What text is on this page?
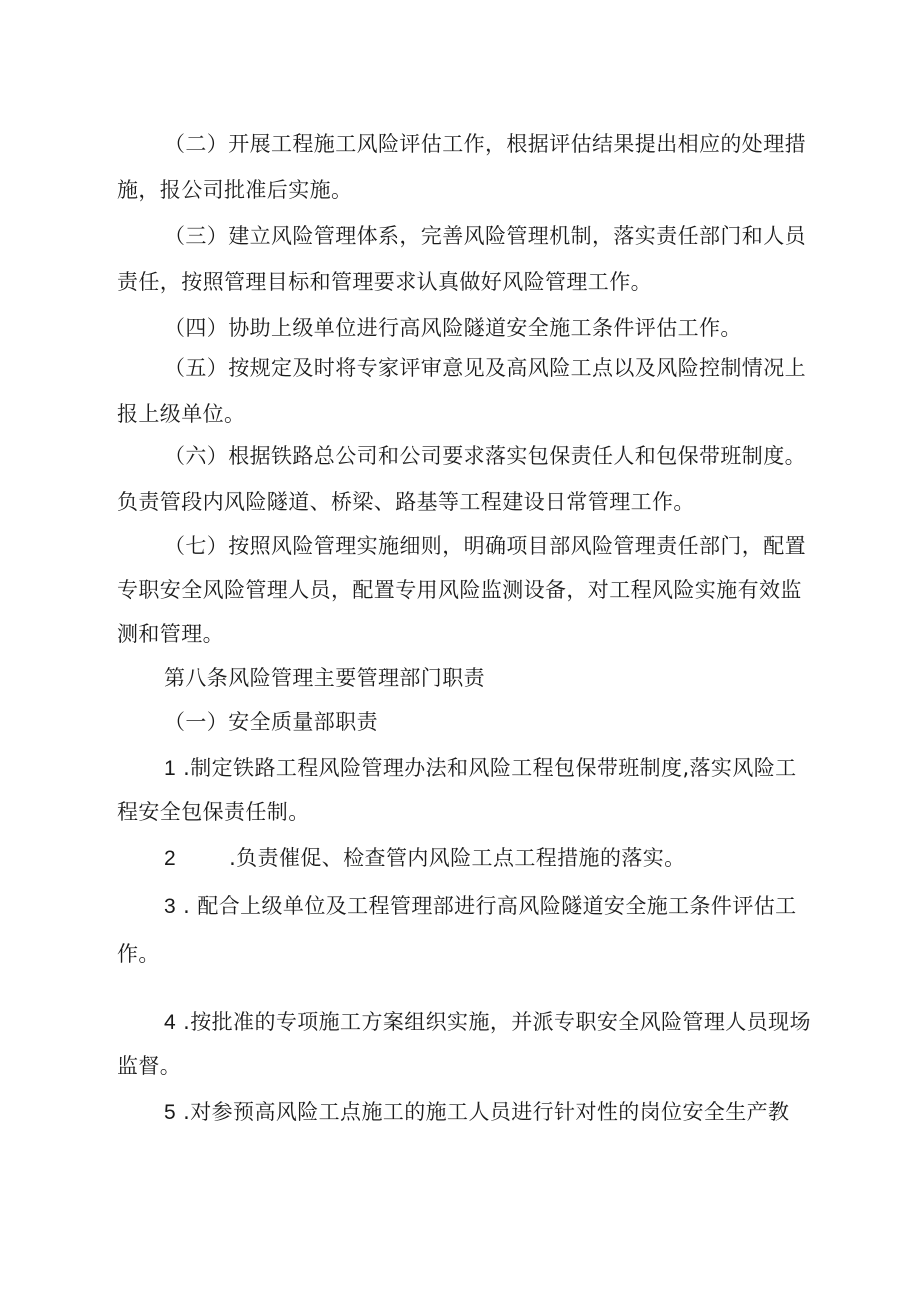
（二）开展工程施工风险评估工作，根据评估结果提出相应的处理措
施，报公司批准后实施。
（三）建立风险管理体系，完善风险管理机制，落实责任部门和人员
责任，按照管理目标和管理要求认真做好风险管理工作。
（四）协助上级单位进行高风险隧道安全施工条件评估工作。
（五）按规定及时将专家评审意见及高风险工点以及风险控制情况上
报上级单位。
（六）根据铁路总公司和公司要求落实包保责任人和包保带班制度。
负责管段内风险隧道、桥梁、路基等工程建设日常管理工作。
（七）按照风险管理实施细则，明确项目部风险管理责任部门，配置
专职安全风险管理人员，配置专用风险监测设备，对工程风险实施有效监
测和管理。
第八条风险管理主要管理部门职责
（一）安全质量部职责
1 .制定铁路工程风险管理办法和风险工程包保带班制度,落实风险工
程安全包保责任制。
2	.负责催促、检查管内风险工点工程措施的落实。
3 . 配合上级单位及工程管理部进行高风险隧道安全施工条件评估工
作。
4 .按批准的专项施工方案组织实施，并派专职安全风险管理人员现场
监督。
5 .对参预高风险工点施工的施工人员进行针对性的岗位安全生产教
